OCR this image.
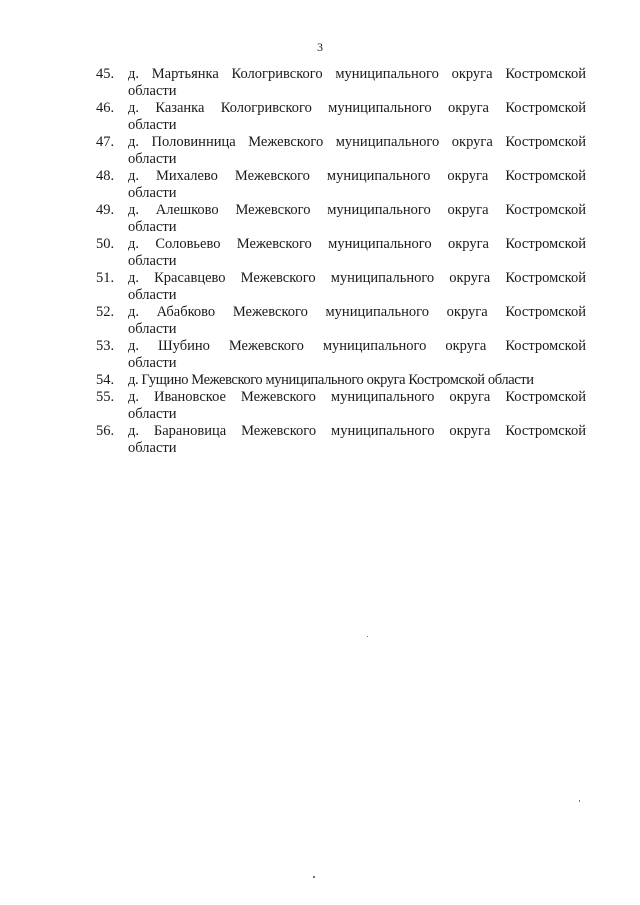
3
45. д. Мартьянка Кологривского муниципального округа Костромской
области
46. д. Казанка Кологривского муниципального округа Костромской
области
47. д. Половинница Межевского муниципального округа Костромской
области
48. д. Михалево Межевского муниципального округа Костромской
области
49. д. Алешково Межевского муниципального округа Костромской
области
50. д. Соловьево Межевского муниципального округа Костромской
области
51. д. Красавцево Межевского муниципального округа Костромской
области
52. д. Абабково Межевского муниципального округа Костромской
области
53. д. Шубино Межевского муниципального округа Костромской
области
54. д. Гущино Межевского муниципального округа Костромской области
55. д. Ивановское Межевского муниципального округа Костромской
области
56. д. Барановица Межевского муниципального округа Костромской
области
